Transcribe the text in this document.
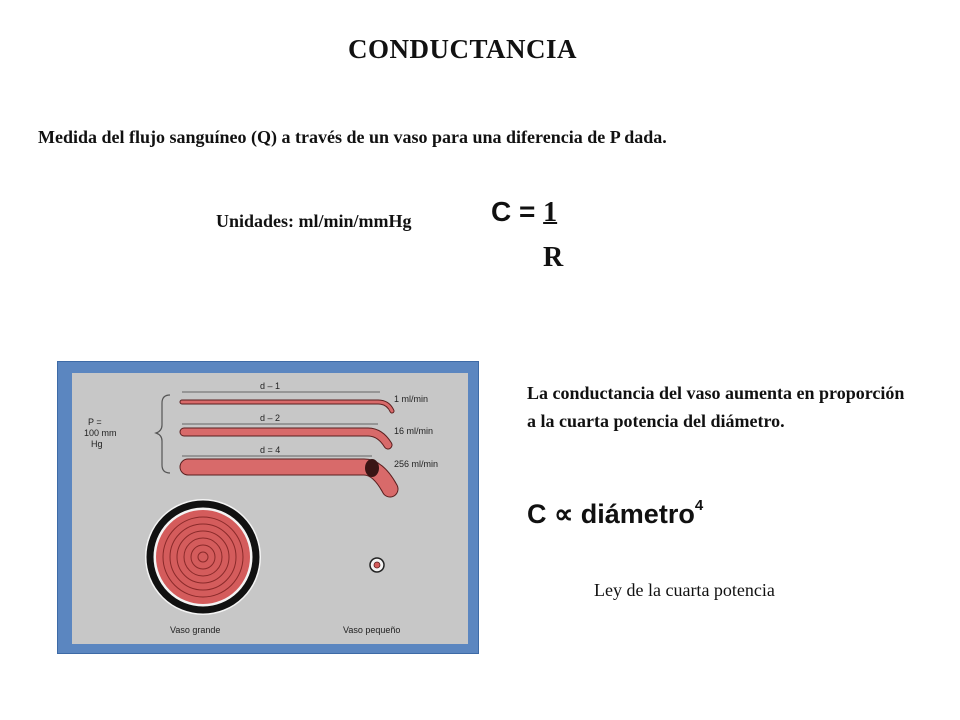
CONDUCTANCIA
Medida del flujo sanguíneo (Q) a través de un vaso para una diferencia de P dada.
Unidades: ml/min/mmHg	C = 1
R
P =
100 mm
Hg
d – 1
1 ml/min
d – 2
16 ml/min
d = 4
256 ml/min
Vaso grande	Vaso pequeño
La conductancia del vaso aumenta en proporción a la cuarta potencia del diámetro.
C ∝ diámetro$^4$
Ley de la cuarta potencia
